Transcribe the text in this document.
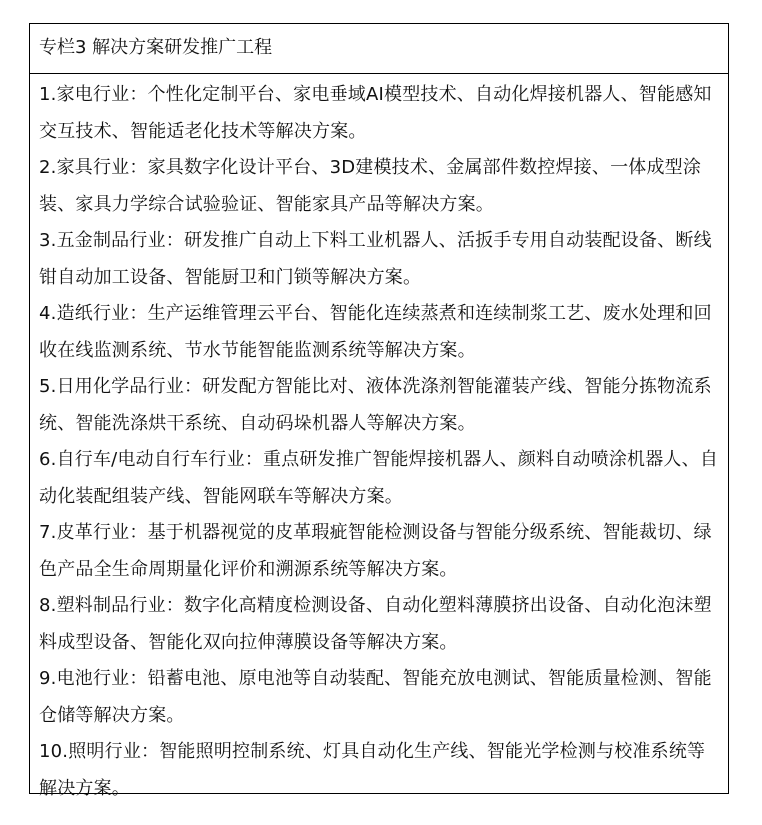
专栏3 解决方案研发推广工程

1.家电行业：个性化定制平台、家电垂域AI模型技术、自动化焊接机器人、智能感知交互技术、智能适老化技术等解决方案。

2.家具行业：家具数字化设计平台、3D建模技术、金属部件数控焊接、一体成型涂装、家具力学综合试验验证、智能家具产品等解决方案。

3.五金制品行业：研发推广自动上下料工业机器人、活扳手专用自动装配设备、断线钳自动加工设备、智能厨卫和门锁等解决方案。

4.造纸行业：生产运维管理云平台、智能化连续蒸煮和连续制浆工艺、废水处理和回收在线监测系统、节水节能智能监测系统等解决方案。

5.日用化学品行业：研发配方智能比对、液体洗涤剂智能灌装产线、智能分拣物流系统、智能洗涤烘干系统、自动码垛机器人等解决方案。

6.自行车/电动自行车行业：重点研发推广智能焊接机器人、颜料自动喷涂机器人、自动化装配组装产线、智能网联车等解决方案。

7.皮革行业：基于机器视觉的皮革瑕疵智能检测设备与智能分级系统、智能裁切、绿色产品全生命周期量化评价和溯源系统等解决方案。

8.塑料制品行业：数字化高精度检测设备、自动化塑料薄膜挤出设备、自动化泡沫塑料成型设备、智能化双向拉伸薄膜设备等解决方案。

9.电池行业：铅蓄电池、原电池等自动装配、智能充放电测试、智能质量检测、智能仓储等解决方案。

10.照明行业：智能照明控制系统、灯具自动化生产线、智能光学检测与校准系统等解决方案。
